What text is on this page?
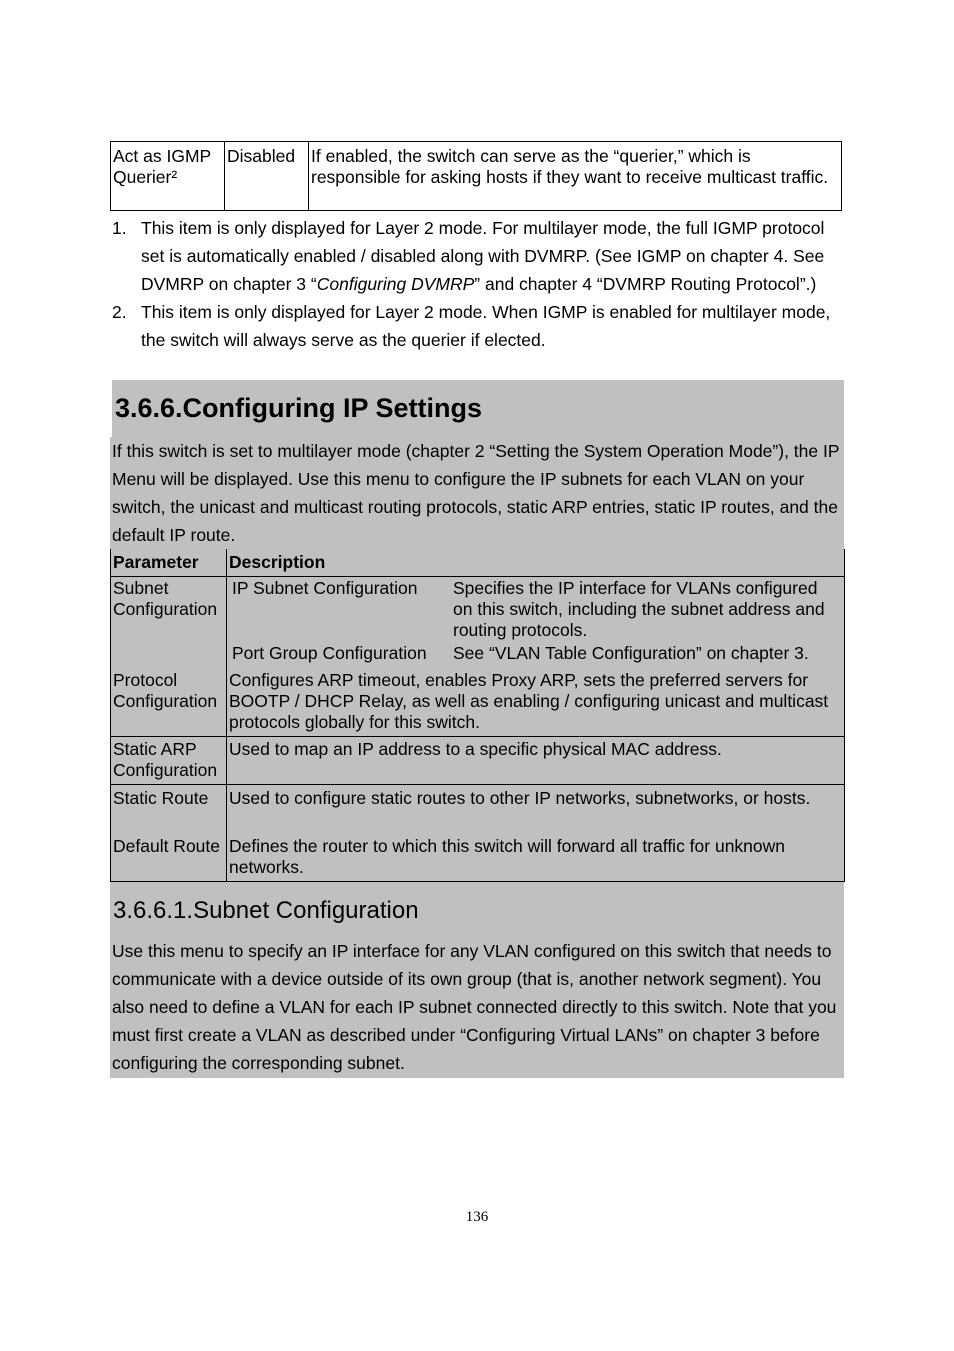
Act as IGMP Querier²
Disabled If enabled, the switch can serve as the “querier,” which is responsible for asking hosts if they want to receive multicast traffic.
1. This item is only displayed for Layer 2 mode. For multilayer mode, the full IGMP protocol set is automatically enabled / disabled along with DVMRP. (See IGMP on chapter 4. See DVMRP on chapter 3 “Configuring DVMRP” and chapter 4 “DVMRP Routing Protocol”.)
2. This item is only displayed for Layer 2 mode. When IGMP is enabled for multilayer mode, the switch will always serve as the querier if elected.
3.6.6.Configuring IP Settings

If this switch is set to multilayer mode (chapter 2 “Setting the System Operation Mode”), the IP Menu will be displayed. Use this menu to configure the IP subnets for each VLAN on your switch, the unicast and multicast routing protocols, static ARP entries, static IP routes, and the default IP route.

Parameter Description
Subnet Configuration
IP Subnet Configuration Specifies the IP interface for VLANs configured on this switch, including the subnet address and routing protocols.
Port Group Configuration See “VLAN Table Configuration” on chapter 3.
Protocol Configuration
Configures ARP timeout, enables Proxy ARP, sets the preferred servers for BOOTP / DHCP Relay, as well as enabling / configuring unicast and multicast protocols globally for this switch.
Static ARP Configuration
Used to map an IP address to a specific physical MAC address.
Static Route	Used to configure static routes to other IP networks, subnetworks, or hosts.
Default Route Defines the router to which this switch will forward all traffic for unknown networks.
3.6.6.1.Subnet Configuration

Use this menu to specify an IP interface for any VLAN configured on this switch that needs to communicate with a device outside of its own group (that is, another network segment). You also need to define a VLAN for each IP subnet connected directly to this switch. Note that you must first create a VLAN as described under “Configuring Virtual LANs” on chapter 3 before configuring the corresponding subnet.

136
